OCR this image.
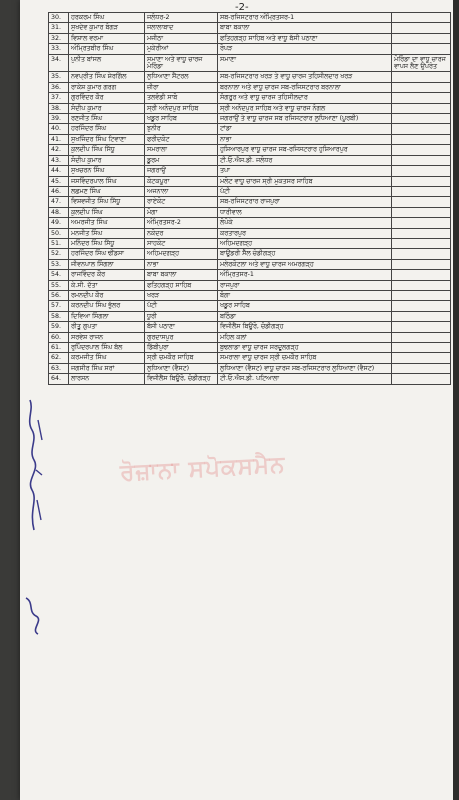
-2-
30.	ਹਰਕਰਮ ਸਿੰਘ	ਜਲੰਧਰ-2	ਸਬ-ਰਜਿਸਟਰਾਰ ਅੰਮ੍ਰਿਤਸਰ-1	
31.	ਸੁਖਦੇਵ ਕੁਮਾਰ ਬੰਗੜ	ਜਲਾਲਾਬਾਦ	ਬਾਬਾ ਬਕਾਲਾ	
32.	ਵਿਸ਼ਾਲ ਵਰਮਾ	ਮਜੀਠਾ	ਫਤਿਹਗੜ੍ਹ ਸਾਹਿਬ ਅਤੇ ਵਾਧੂ ਬੱਸੀ ਪਠਾਣਾ	
33.	ਅੰਮ੍ਰਿਤਬੀਰ ਸਿੰਘ	ਮੁਕੇਰੀਆਂ	ਰੋਪੜ	
34.	ਪੁਨੀਤ ਬਾਂਸਲ	ਸਮਾਣਾ ਅਤੇ ਵਾਧੂ ਚਾਰਜ ਮੋਰਿੰਡਾ	ਸਮਾਣਾ	ਮੋਰਿੰਡਾ ਦਾ ਵਾਧੂ ਚਾਰਜ ਵਾਪਸ ਲੈਣ ਉਪਰੰਤ
35.	ਨਵਪ੍ਰੀਤ ਸਿੰਘ ਸ਼ੇਰਗਿੱਲ	ਲੁਧਿਆਣਾ ਸੈਂਟਰਲ	ਸਬ-ਰਜਿਸਟਰਾਰ ਖਰੜ ਤੇ ਵਾਧੂ ਚਾਰਜ ਤਹਿਸੀਲਦਾਰ ਖਰੜ	
36.	ਰਾਕੇਸ਼ ਕੁਮਾਰ ਗਰਗ	ਜ਼ੀਰਾ	ਬਰਨਾਲਾ ਅਤੇ ਵਾਧੂ ਚਾਰਜ ਸਬ-ਰਜਿਸਟਰਾਰ ਬਰਨਾਲਾ	
37.	ਗੁਰਵਿੰਦਰ ਕੌਰ	ਤਲਵੰਡੀ ਸਾਬੋ	ਸੰਗਰੂਰ ਅਤੇ ਵਾਧੂ ਚਾਰਜ ਤਹਿਸੀਲਦਾਰ	
38.	ਸੰਦੀਪ ਕੁਮਾਰ	ਸ੍ਰੀ ਅਨੰਦਪੁਰ ਸਾਹਿਬ	ਸ੍ਰੀ ਅਨੰਦਪੁਰ ਸਾਹਿਬ ਅਤੇ ਵਾਧੂ ਚਾਰਜ ਨੰਗਲ	
39.	ਰਣਜੀਤ ਸਿੰਘ	ਖਡੂਰ ਸਾਹਿਬ	ਜਗਰਾਉਂ ਤੇ ਵਾਧੂ ਚਾਰਜ ਸਬ ਰਜਿਸਟਰਾਰ ਲੁਧਿਆਣਾ (ਪੂਰਬੀ)	
40.	ਹਰਜਿੰਦਰ ਸਿੰਘ	ਝੁਨੀਰ	ਟਾਂਡਾ	
41.	ਸੁਖਜਿੰਦਰ ਸਿੰਘ ਟਿਵਾਣਾ	ਫਰੀਦਕੋਟ	ਨਾਭਾ	
42.	ਕੁਲਦੀਪ ਸਿੰਘ ਸਿੱਧੂ	ਸਮਰਾਲਾ	ਹੁਸ਼ਿਆਰਪੁਰ ਵਾਧੂ ਚਾਰਜ ਸਬ-ਰਜਿਸਟਰਾਰ ਹੁਸ਼ਿਆਰਪੁਰ	
43.	ਸੰਦੀਪ ਕੁਮਾਰ	ਡੂਰਮ	ਟੀ.ਓ.ਐਸ.ਡੀ. ਜਲੰਧਰ	
44.	ਸੁਖਚਰਨ ਸਿੰਘ	ਜਗਰਾਉਂ	ਤਪਾ	
45.	ਜਸਵਿੰਦਰਪਾਲ ਸਿੰਘ	ਕੋਟਕਪੂਰਾ	ਮਲੋਟ ਵਾਧੂ ਚਾਰਜ ਸ੍ਰੀ ਮੁਕਤਸਰ ਸਾਹਿਬ	
46.	ਲਛਮਣ ਸਿੰਘ	ਅਜਨਾਲਾ	ਪੱਟੀ	
47.	ਵਿਸ਼ਵਜੀਤ ਸਿੰਘ ਸਿੱਧੂ	ਰਾਏਕੋਟ	ਸਬ-ਰਜਿਸਟਰਾਰ ਰਾਜਪੁਰਾ	
48.	ਕੁਲਦੀਪ ਸਿੰਘ	ਮੋਗਾ	ਧਾਰੀਵਾਲ	
49.	ਅਮਰਜੀਤ ਸਿੰਘ	ਅੰਮ੍ਰਿਤਸਰ-2	ਲੋਪੋਕੇ	
50.	ਮਨਜੀਤ ਸਿੰਘ	ਨਕੋਦਰ	ਕਰਤਾਰਪੁਰ	
51.	ਮਨਿੰਦਰ ਸਿੰਘ ਸਿੱਧੂ	ਸਾਹਕੋਟ	ਅਹਿਮਦਗੜ੍ਹ	
52.	ਹਰਜਿੰਦਰ ਸਿੰਘ ਢੀਂਡਸਾ	ਅਹਿਮਦਗੜ੍ਹ	ਬਾਊਂਡਰੀ ਸੈੱਲ ਚੰਡੀਗੜ੍ਹ	
53.	ਜੀਵਨਪਾਲ ਸਿੰਗਲਾ	ਨਾਭਾ	ਮਲੇਰਕੋਟਲਾ ਅਤੇ ਵਾਧੂ ਚਾਰਜ ਅਮਰਗੜ੍ਹ	
54.	ਰਾਜਵਿੰਦਰ ਕੌਰ	ਬਾਬਾ ਬਕਾਲਾ	ਅੰਮ੍ਰਿਤਸਰ-1	
55.	ਕੇ.ਸੀ. ਦੱਤਾ	ਫਤਿਹਗੜ੍ਹ ਸਾਹਿਬ	ਰਾਜਪੁਰਾ	
56.	ਰਮਨਦੀਪ ਕੌਰ	ਖਰੜ	ਬੰਗਾ	
57.	ਕਰਨਦੀਪ ਸਿੰਘ ਭੁੱਲਰ	ਪੱਟੀ	ਖਡੂਰ ਸਾਹਿਬ	
58.	ਦਿਵਿਆ ਸਿੰਗਲਾ	ਧੂਰੀ	ਬਠਿੰਡਾ	
59.	ਰੀਤੂ ਗੁਪਤਾ	ਬੱਸੀ ਪਠਾਣਾ	ਵਿਜੀਲੈਂਸ ਬਿਊਰੋ, ਚੰਡੀਗੜ੍ਹ	
60.	ਸਰਵੇਸ਼ ਰਾਜਨ	ਗੁਰਦਾਸਪੁਰ	ਮਹਿਲ ਕਲਾਂ	
61.	ਰੁਪਿੰਦਰਪਾਲ ਸਿੰਘ ਬੱਲ	ਡਿੱਬੀਪੁਰਾ	ਬੁਢਲਾਡਾ ਵਾਧੂ ਚਾਰਜ ਸਰਦੂਲਗੜ੍ਹ	
62.	ਕਰਮਜੀਤ ਸਿੰਘ	ਸ੍ਰੀ ਚਮਕੌਰ ਸਾਹਿਬ	ਸਮਰਾਲਾ ਵਾਧੂ ਚਾਰਜ ਸ੍ਰੀ ਚਮਕੌਰ ਸਾਹਿਬ	
63.	ਜਗਸੀਰ ਸਿੰਘ ਸਰਾਂ	ਲੁਧਿਆਣਾ (ਵੈਸਟ)	ਲੁਧਿਆਣਾ (ਵੈਸਟ) ਵਾਧੂ ਚਾਰਜ ਸਬ-ਰਜਿਸਟਰਾਰ ਲੁਧਿਆਣਾ (ਵੈਸਟ)	
64.	ਲਾਰਸਨ	ਵਿਜੀਲੈਂਸ ਬਿਊਰੋ, ਚੰਡੀਗੜ੍ਹ	ਟੀ.ਓ.ਐਸ.ਡੀ. ਪਟਿਆਲਾ	
ਰੋਜ਼ਾਨਾ ਸਪੋਕਸਮੈਨ
